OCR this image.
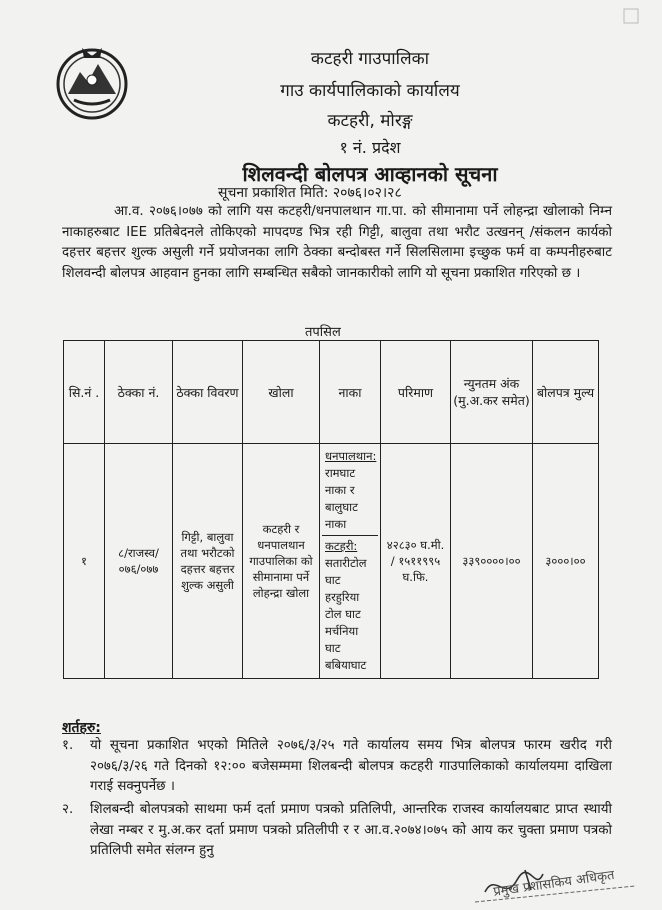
कटहरी गाउपालिका
गाउ कार्यपालिकाको कार्यालय
कटहरी, मोरङ्ग
१ नं. प्रदेश
शिलवन्दी बोलपत्र आव्हानको सूचना
सूचना प्रकाशित मिति: २०७६।०२।२८

आ.व. २०७६।०७७ को लागि यस कटहरी/धनपालथान गा.पा. को सीमानामा पर्ने लोहन्द्रा खोलाको निम्न नाकाहरुबाट IEE प्रतिबेदनले तोकिएको मापदण्ड भित्र रही गिट्टी, बालुवा तथा भरौट उत्खनन् /संकलन कार्यको दहत्तर बहत्तर शुल्क असुली गर्ने प्रयोजनका लागि ठेक्का बन्दोबस्त गर्ने सिलसिलामा इच्छुक फर्म वा कम्पनीहरुबाट शिलवन्दी बोलपत्र आहवान हुनका लागि सम्बन्धित सबैको जानकारीको लागि यो सूचना प्रकाशित गरिएको छ ।

तपसिल
सि.नं .	ठेक्का नं.	ठेक्का विवरण	खोला	नाका	परिमाण	न्युनतम अंक (मु.अ.कर समेत)	बोलपत्र मुल्य
१	८/राजस्व/ ०७६/०७७	गिट्टी, बालुवा तथा भरौटको दहत्तर बहत्तर शुल्क असुली	कटहरी र धनपालथान गाउपालिका को सीमानामा पर्ने लोहन्द्रा खोला	धनपालथान: रामघाट नाका र बालुघाट नाका
कटहरी: सतारीटोल घाट हरहुरिया टोल घाट मर्चनिया घाट बबियाघाट	४२८३० घ.मी. / १५११९९५ घ.फि.	३३९००००।००	३०००।००
शर्तहरु:
१.	यो सूचना प्रकाशित भएको मितिले २०७६/३/२५ गते कार्यालय समय भित्र बोलपत्र फारम खरीद गरी २०७६/३/२६ गते दिनको १२:०० बजेसम्ममा शिलबन्दी बोलपत्र कटहरी गाउपालिकाको कार्यालयमा दाखिला गराई सक्नुपर्नेछ ।
२.	शिलबन्दी बोलपत्रको साथमा फर्म दर्ता प्रमाण पत्रको प्रतिलिपी, आन्तरिक राजस्व कार्यालयबाट प्राप्त स्थायी लेखा नम्बर र मु.अ.कर दर्ता प्रमाण पत्रको प्रतिलीपी र र आ.व.२०७४।०७५ को आय कर चुक्ता प्रमाण पत्रको प्रतिलिपी समेत संलग्न हुनु
प्रमुख प्रशासकिय अधिकृत
